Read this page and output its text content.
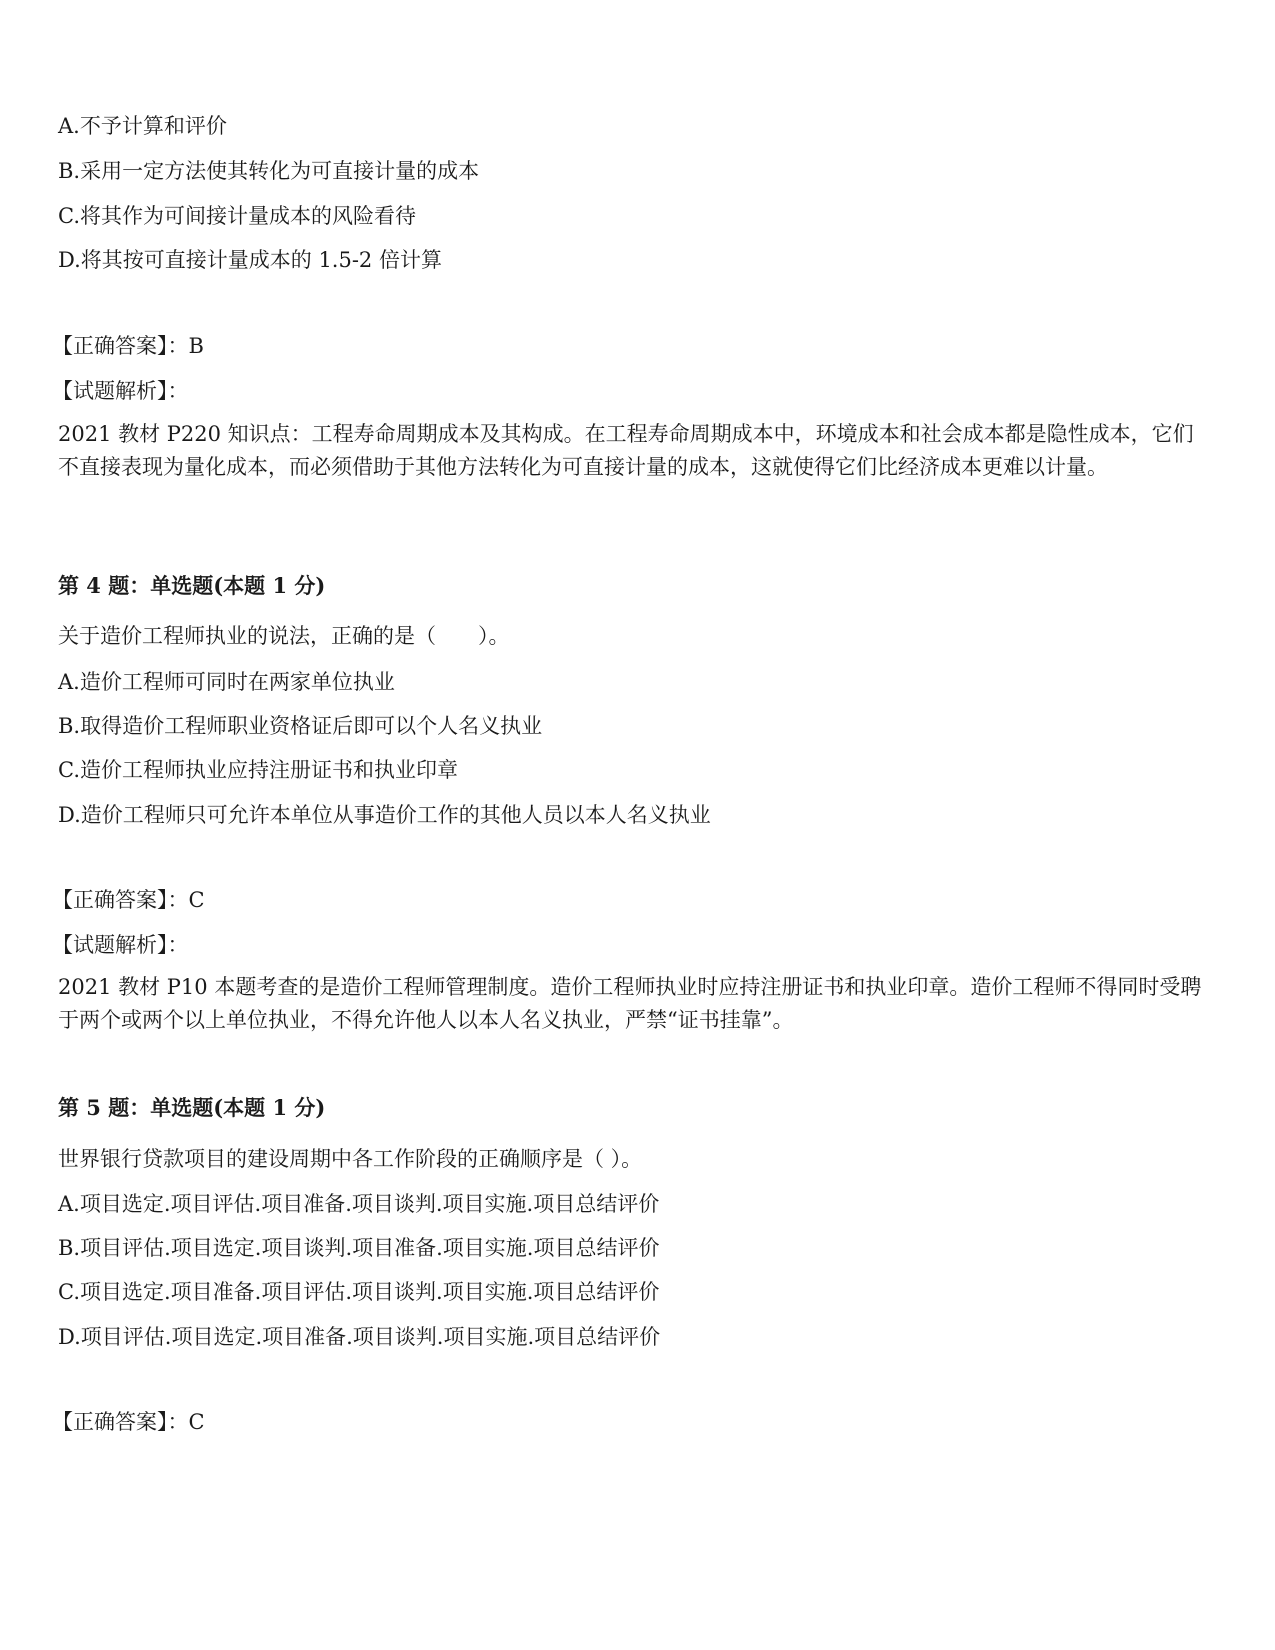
A.不予计算和评价
B.采用一定方法使其转化为可直接计量的成本
C.将其作为可间接计量成本的风险看待
D.将其按可直接计量成本的 1.5-2 倍计算
【正确答案】：B
【试题解析】：
2021 教材 P220 知识点：工程寿命周期成本及其构成。在工程寿命周期成本中，环境成本和社会成本都是隐性成本，它们不直接表现为量化成本，而必须借助于其他方法转化为可直接计量的成本，这就使得它们比经济成本更难以计量。
第 4 题：单选题(本题 1 分)
关于造价工程师执业的说法，正确的是（　　）。
A.造价工程师可同时在两家单位执业
B.取得造价工程师职业资格证后即可以个人名义执业
C.造价工程师执业应持注册证书和执业印章
D.造价工程师只可允许本单位从事造价工作的其他人员以本人名义执业
【正确答案】：C
【试题解析】：
2021 教材 P10 本题考查的是造价工程师管理制度。造价工程师执业时应持注册证书和执业印章。造价工程师不得同时受聘于两个或两个以上单位执业，不得允许他人以本人名义执业，严禁“证书挂靠”。
第 5 题：单选题(本题 1 分)
世界银行贷款项目的建设周期中各工作阶段的正确顺序是（ ）。
A.项目选定.项目评估.项目准备.项目谈判.项目实施.项目总结评价
B.项目评估.项目选定.项目谈判.项目准备.项目实施.项目总结评价
C.项目选定.项目准备.项目评估.项目谈判.项目实施.项目总结评价
D.项目评估.项目选定.项目准备.项目谈判.项目实施.项目总结评价
【正确答案】：C
